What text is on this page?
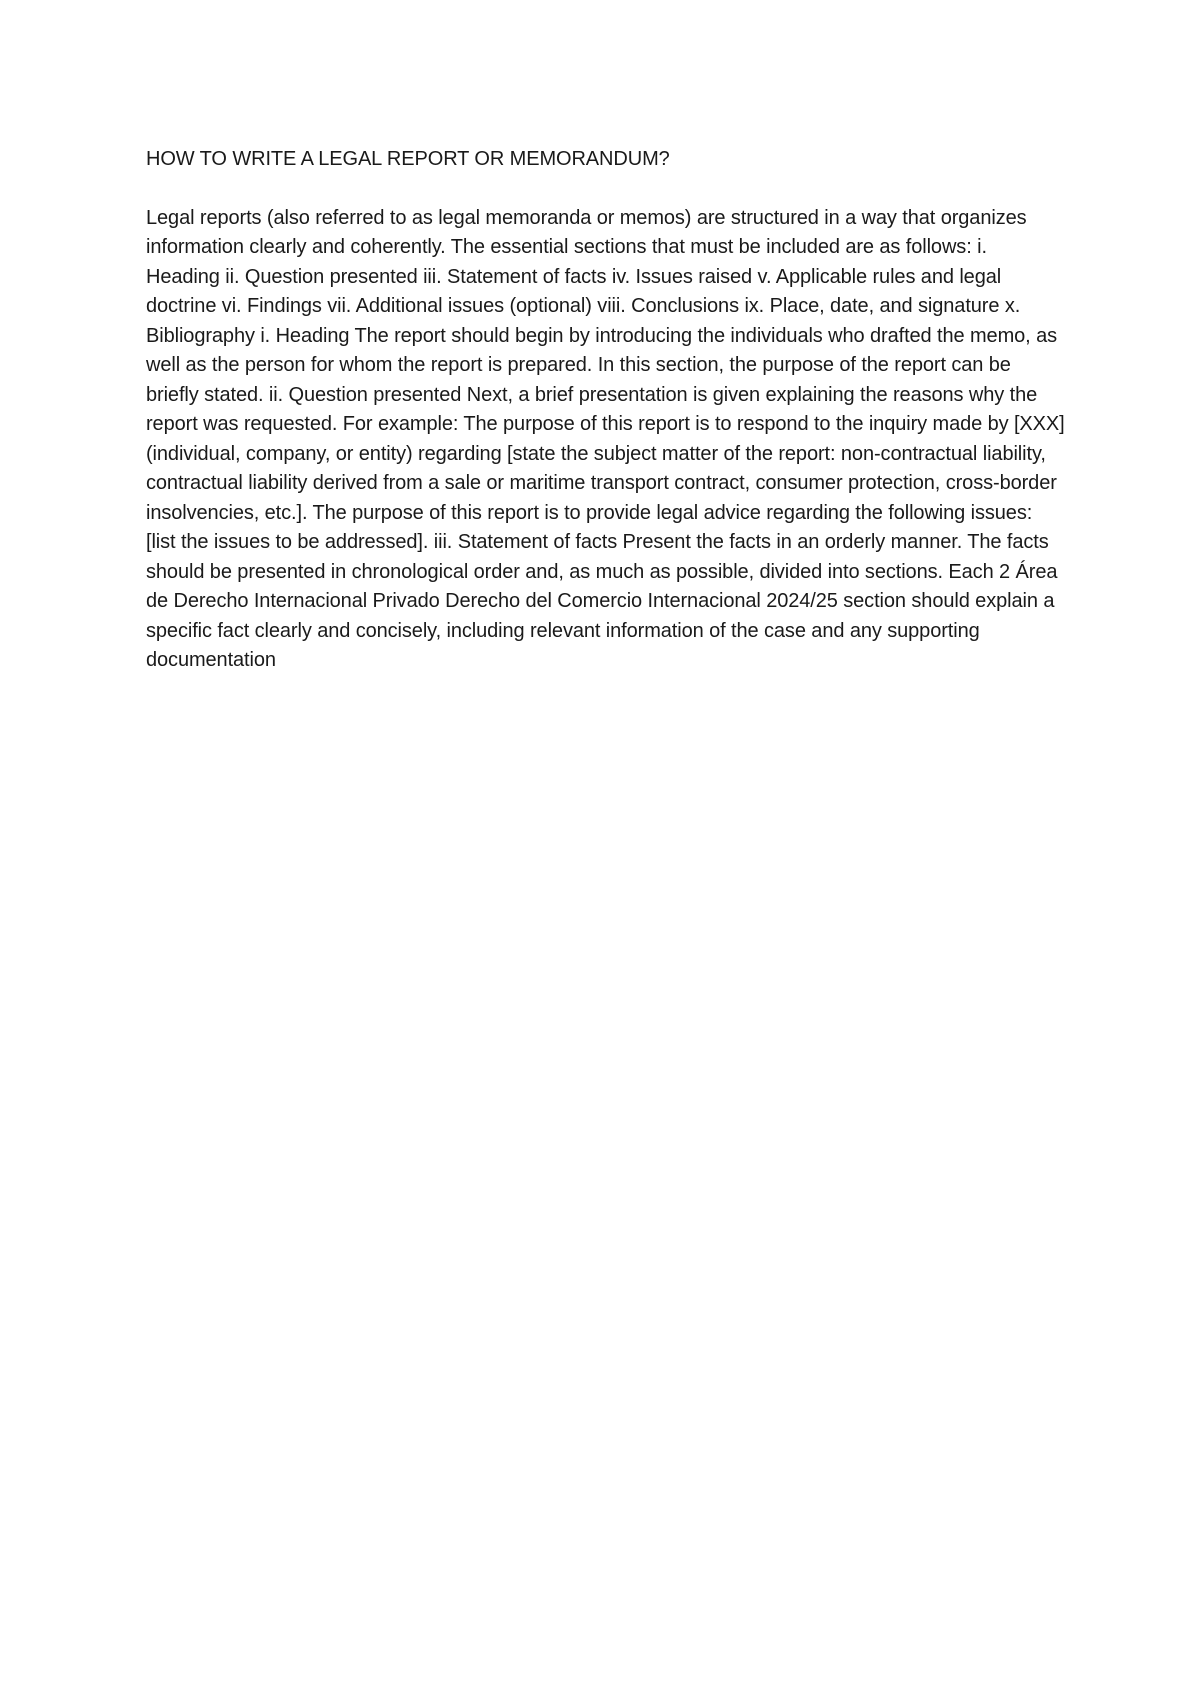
HOW TO WRITE A LEGAL REPORT OR MEMORANDUM?

Legal reports (also referred to as legal memoranda or memos) are structured in a way that organizes information clearly and coherently. The essential sections that must be included are as follows: i. Heading ii. Question presented iii. Statement of facts iv. Issues raised v. Applicable rules and legal doctrine vi. Findings vii. Additional issues (optional) viii. Conclusions ix. Place, date, and signature x. Bibliography i. Heading The report should begin by introducing the individuals who drafted the memo, as well as the person for whom the report is prepared. In this section, the purpose of the report can be briefly stated. ii. Question presented Next, a brief presentation is given explaining the reasons why the report was requested. For example: The purpose of this report is to respond to the inquiry made by [XXX] (individual, company, or entity) regarding [state the subject matter of the report: non-contractual liability, contractual liability derived from a sale or maritime transport contract, consumer protection, cross-border insolvencies, etc.]. The purpose of this report is to provide legal advice regarding the following issues: [list the issues to be addressed]. iii. Statement of facts Present the facts in an orderly manner. The facts should be presented in chronological order and, as much as possible, divided into sections. Each 2 Área de Derecho Internacional Privado Derecho del Comercio Internacional 2024/25 section should explain a specific fact clearly and concisely, including relevant information of the case and any supporting documentation
